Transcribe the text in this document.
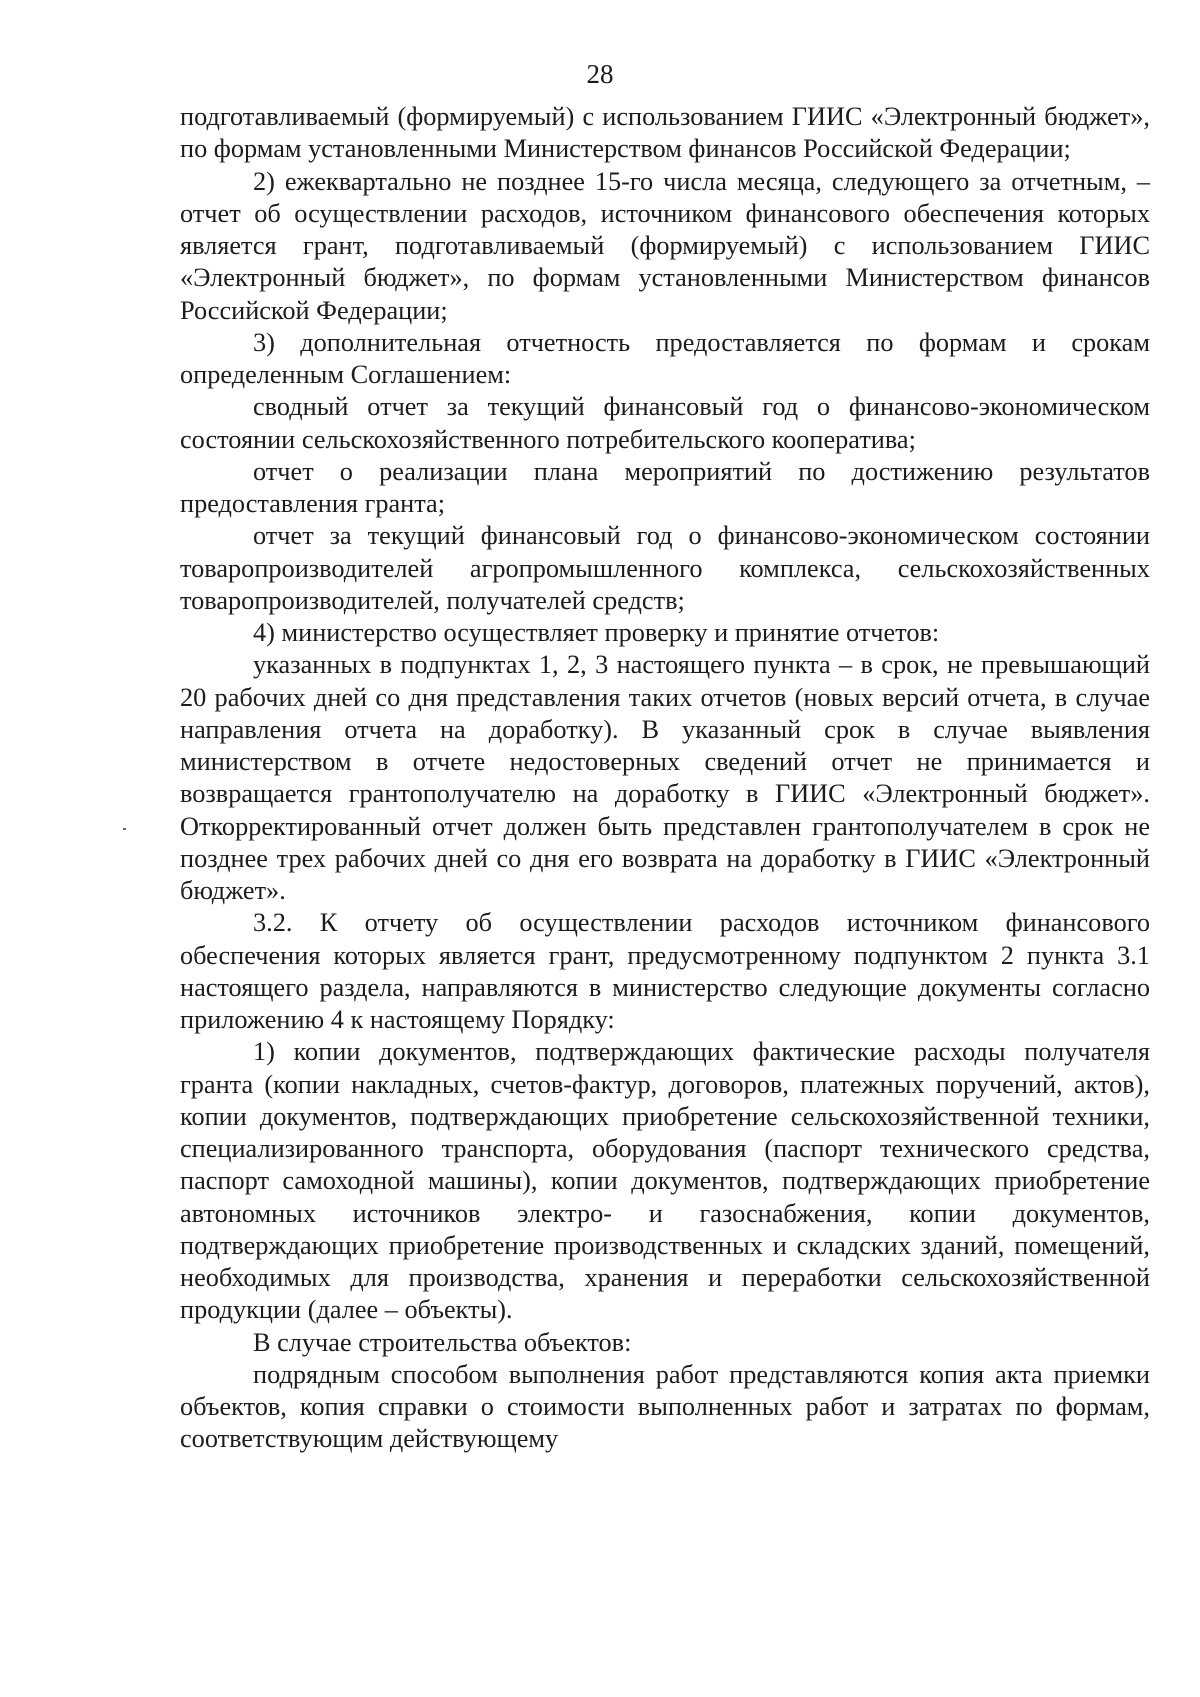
28

подготавливаемый (формируемый) с использованием ГИИС «Электронный бюджет», по формам установленными Министерством финансов Российской Федерации;

2) ежеквартально не позднее 15-го числа месяца, следующего за отчетным, – отчет об осуществлении расходов, источником финансового обеспечения которых является грант, подготавливаемый (формируемый) с использованием ГИИС «Электронный бюджет», по формам установленными Министерством финансов Российской Федерации;

3) дополнительная отчетность предоставляется по формам и срокам определенным Соглашением:

сводный отчет за текущий финансовый год о финансово-экономическом состоянии сельскохозяйственного потребительского кооператива;

отчет о реализации плана мероприятий по достижению результатов предоставления гранта;

отчет за текущий финансовый год о финансово-экономическом состоянии товаропроизводителей агропромышленного комплекса, сельскохозяйственных товаропроизводителей, получателей средств;

4) министерство осуществляет проверку и принятие отчетов:

указанных в подпунктах 1, 2, 3 настоящего пункта – в срок, не превышающий 20 рабочих дней со дня представления таких отчетов (новых версий отчета, в случае направления отчета на доработку). В указанный срок в случае выявления министерством в отчете недостоверных сведений отчет не принимается и возвращается грантополучателю на доработку в ГИИС «Электронный бюджет». Откорректированный отчет должен быть представлен грантополучателем в срок не позднее трех рабочих дней со дня его возврата на доработку в ГИИС «Электронный бюджет».

3.2. К отчету об осуществлении расходов источником финансового обеспечения которых является грант, предусмотренному подпунктом 2 пункта 3.1 настоящего раздела, направляются в министерство следующие документы согласно приложению 4 к настоящему Порядку:

1) копии документов, подтверждающих фактические расходы получателя гранта (копии накладных, счетов-фактур, договоров, платежных поручений, актов), копии документов, подтверждающих приобретение сельскохозяйственной техники, специализированного транспорта, оборудования (паспорт технического средства, паспорт самоходной машины), копии документов, подтверждающих приобретение автономных источников электро- и газоснабжения, копии документов, подтверждающих приобретение производственных и складских зданий, помещений, необходимых для производства, хранения и переработки сельскохозяйственной продукции (далее – объекты).

В случае строительства объектов:

подрядным способом выполнения работ представляются копия акта приемки объектов, копия справки о стоимости выполненных работ и затратах по формам, соответствующим действующему
